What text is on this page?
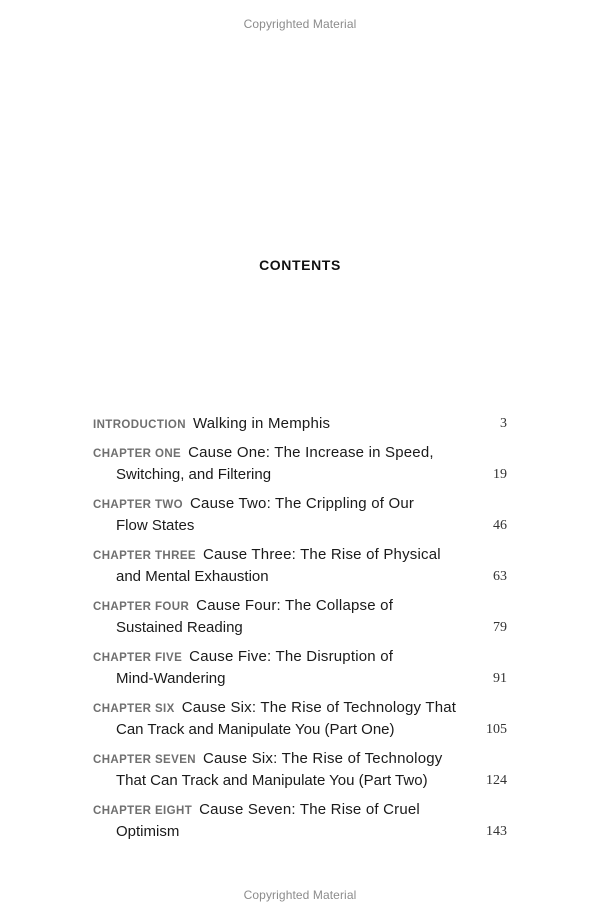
Copyrighted Material
CONTENTS
INTRODUCTION Walking in Memphis	3
CHAPTER ONE Cause One: The Increase in Speed,
Switching, and Filtering	19
CHAPTER TWO Cause Two: The Crippling of Our
Flow States	46
CHAPTER THREE Cause Three: The Rise of Physical
and Mental Exhaustion	63
CHAPTER FOUR Cause Four: The Collapse of
Sustained Reading	79
CHAPTER FIVE Cause Five: The Disruption of
Mind-Wandering	91
CHAPTER SIX Cause Six: The Rise of Technology That
Can Track and Manipulate You (Part One)	105
CHAPTER SEVEN Cause Six: The Rise of Technology
That Can Track and Manipulate You (Part Two)	124
CHAPTER EIGHT Cause Seven: The Rise of Cruel
Optimism	143
Copyrighted Material
